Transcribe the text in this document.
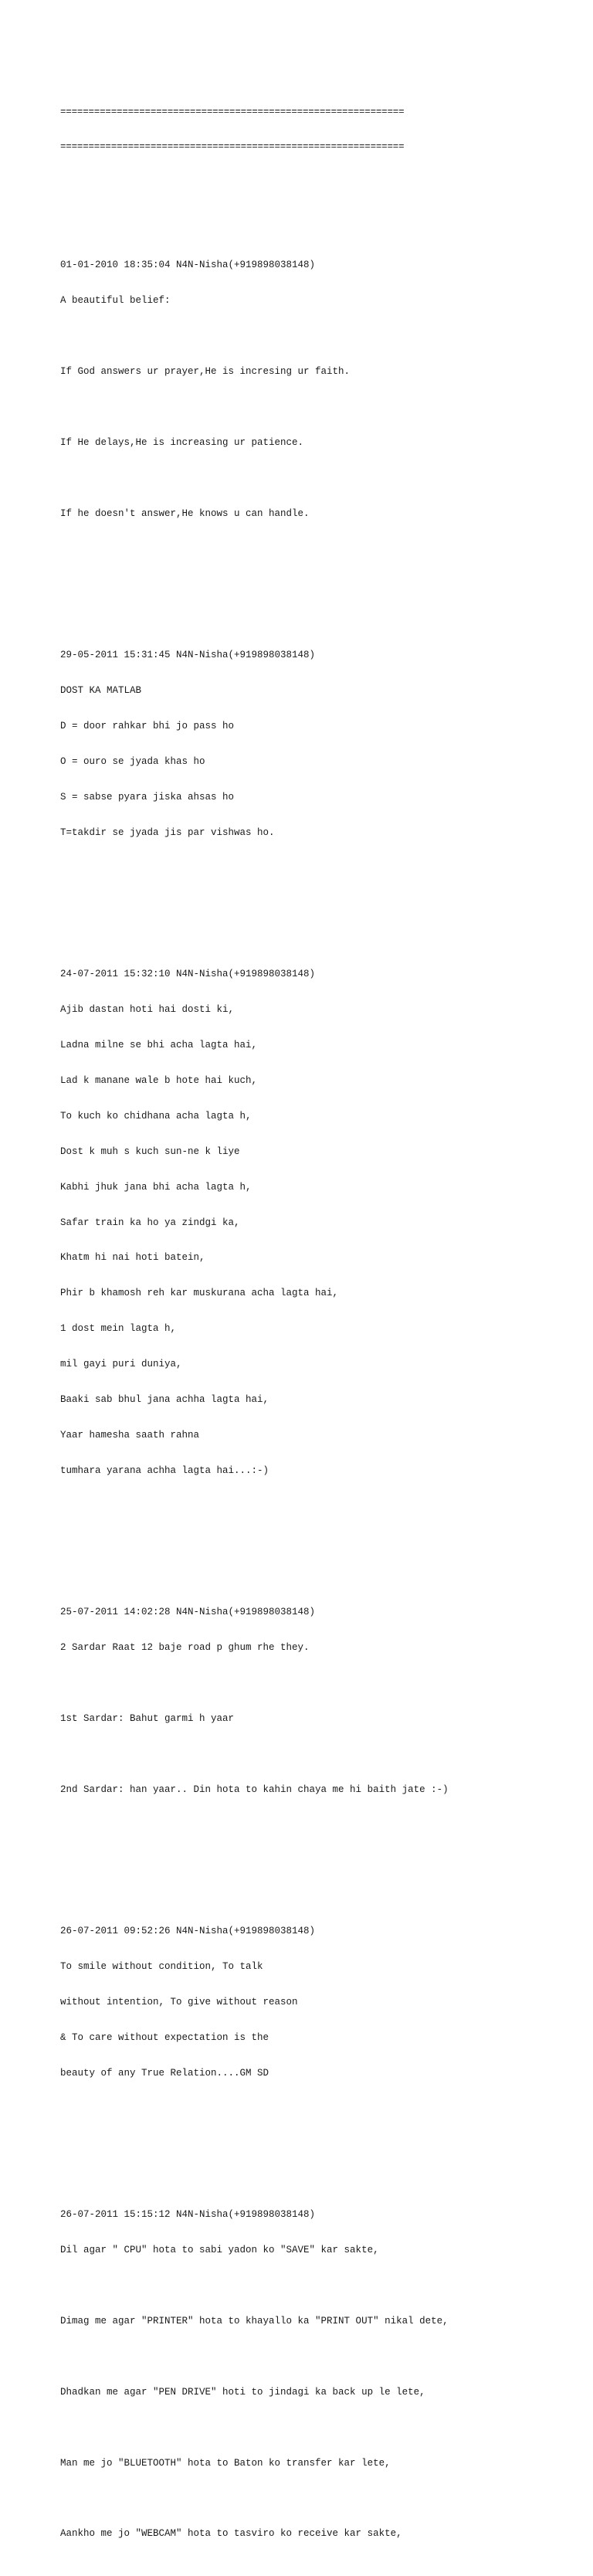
=============================================================

=============================================================

01-01-2010 18:35:04 N4N-Nisha(+919898038148)

A beautiful belief:

If God answers ur prayer,He is incresing ur faith.

If He delays,He is increasing ur patience.

If he doesn't answer,He knows u can handle.

29-05-2011 15:31:45 N4N-Nisha(+919898038148)

DOST KA MATLAB

D = door rahkar bhi jo pass ho

O = ouro se jyada khas ho

S = sabse pyara jiska ahsas ho

T=takdir se jyada jis par vishwas ho.

24-07-2011 15:32:10 N4N-Nisha(+919898038148)

Ajib dastan hoti hai dosti ki,

Ladna milne se bhi acha lagta hai,

Lad k manane wale b hote hai kuch,

To kuch ko chidhana acha lagta h,

Dost k muh s kuch sun-ne k liye

Kabhi jhuk jana bhi acha lagta h,

Safar train ka ho ya zindgi ka,

Khatm hi nai hoti batein,

Phir b khamosh reh kar muskurana acha lagta hai,

1 dost mein lagta h,

mil gayi puri duniya,

Baaki sab bhul jana achha lagta hai,

Yaar hamesha saath rahna

tumhara yarana achha lagta hai...:-)

25-07-2011 14:02:28 N4N-Nisha(+919898038148)

2 Sardar Raat 12 baje road p ghum rhe they.

1st Sardar: Bahut garmi h yaar

2nd Sardar: han yaar.. Din hota to kahin chaya me hi baith jate :-)

26-07-2011 09:52:26 N4N-Nisha(+919898038148)

To smile without condition, To talk

without intention, To give without reason

& To care without expectation is the

beauty of any True Relation....GM SD

26-07-2011 15:15:12 N4N-Nisha(+919898038148)

Dil agar " CPU" hota to sabi yadon ko "SAVE" kar sakte,

Dimag me agar "PRINTER" hota to khayallo ka "PRINT OUT" nikal dete,

Dhadkan me agar "PEN DRIVE" hoti to jindagi ka back up le lete,

Man me jo "BLUETOOTH" hota to Baton ko transfer kar lete,

Aankho me jo "WEBCAM" hota to tasviro ko receive kar sakte,
